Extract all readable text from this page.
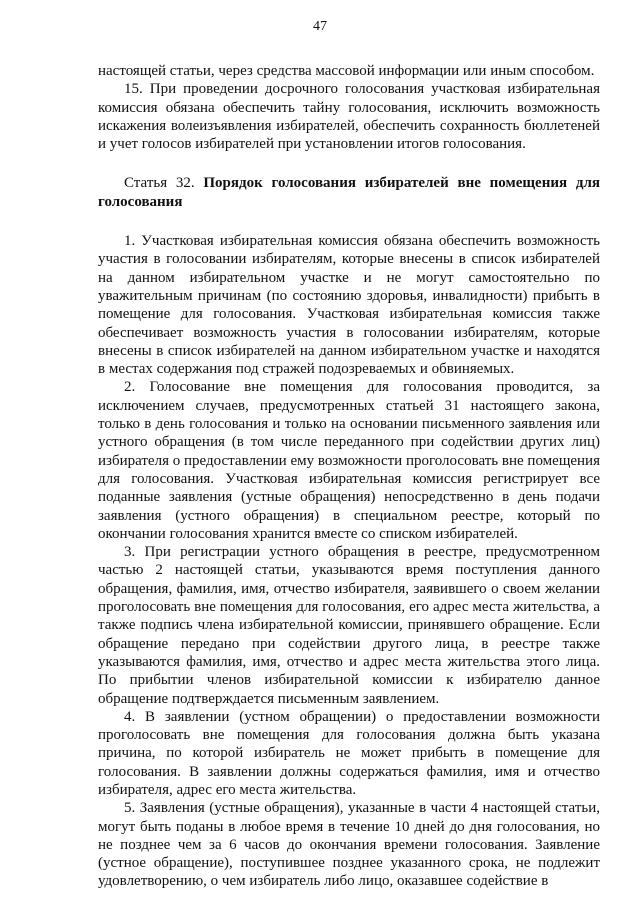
47

настоящей статьи, через средства массовой информации или иным способом.

15. При проведении досрочного голосования участковая избирательная комиссия обязана обеспечить тайну голосования, исключить возможность искажения волеизъявления избирателей, обеспечить сохранность бюллетеней и учет голосов избирателей при установлении итогов голосования.

Статья 32. Порядок голосования избирателей вне помещения для голосования

1. Участковая избирательная комиссия обязана обеспечить возможность участия в голосовании избирателям, которые внесены в список избирателей на данном избирательном участке и не могут самостоятельно по уважительным причинам (по состоянию здоровья, инвалидности) прибыть в помещение для голосования. Участковая избирательная комиссия также обеспечивает возможность участия в голосовании избирателям, которые внесены в список избирателей на данном избирательном участке и находятся в местах содержания под стражей подозреваемых и обвиняемых.

2. Голосование вне помещения для голосования проводится, за исключением случаев, предусмотренных статьей 31 настоящего закона, только в день голосования и только на основании письменного заявления или устного обращения (в том числе переданного при содействии других лиц) избирателя о предоставлении ему возможности проголосовать вне помещения для голосования. Участковая избирательная комиссия регистрирует все поданные заявления (устные обращения) непосредственно в день подачи заявления (устного обращения) в специальном реестре, который по окончании голосования хранится вместе со списком избирателей.

3. При регистрации устного обращения в реестре, предусмотренном частью 2 настоящей статьи, указываются время поступления данного обращения, фамилия, имя, отчество избирателя, заявившего о своем желании проголосовать вне помещения для голосования, его адрес места жительства, а также подпись члена избирательной комиссии, принявшего обращение. Если обращение передано при содействии другого лица, в реестре также указываются фамилия, имя, отчество и адрес места жительства этого лица. По прибытии членов избирательной комиссии к избирателю данное обращение подтверждается письменным заявлением.

4. В заявлении (устном обращении) о предоставлении возможности проголосовать вне помещения для голосования должна быть указана причина, по которой избиратель не может прибыть в помещение для голосования. В заявлении должны содержаться фамилия, имя и отчество избирателя, адрес его места жительства.

5. Заявления (устные обращения), указанные в части 4 настоящей статьи, могут быть поданы в любое время в течение 10 дней до дня голосования, но не позднее чем за 6 часов до окончания времени голосования. Заявление (устное обращение), поступившее позднее указанного срока, не подлежит удовлетворению, о чем избиратель либо лицо, оказавшее содействие в
